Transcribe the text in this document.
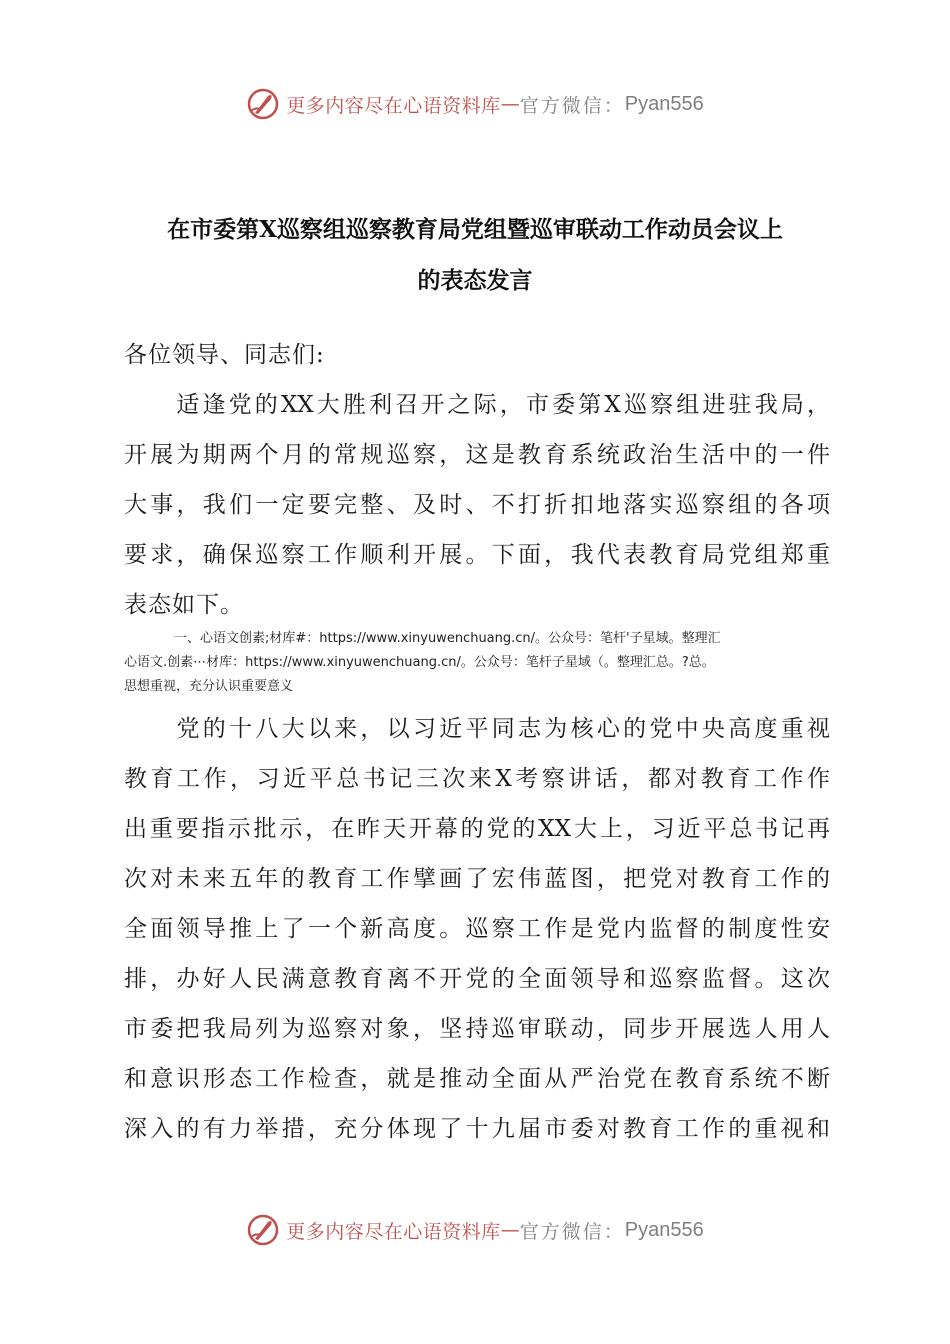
更多内容尽在心语资料库 — 官方微信： Pyan556
在市委第X巡察组巡察教育局党组暨巡审联动工作动员会议上
的表态发言
各位领导、同志们:
　　适逢党的XX大胜利召开之际，市委第X巡察组进驻我局，
开展为期两个月的常规巡察，这是教育系统政治生活中的一件
大事，我们一定要完整、及时、不打折扣地落实巡察组的各项
要求，确保巡察工作顺利开展。下面，我代表教育局党组郑重
表态如下。
一、心语文创素;材库#：https://www.xinyuwenchuang.cn/。公众号：笔杆'子星域。整理汇
心语文.创素⋯材库：https://www.xinyuwenchuang.cn/。公众号：笔杆子星域（。整理汇总。?总。
思想重视，充分认识重要意义
　　党的十八大以来，以习近平同志为核心的党中央高度重视
教育工作，习近平总书记三次来X考察讲话，都对教育工作作
出重要指示批示，在昨天开幕的党的XX大上，习近平总书记再
次对未来五年的教育工作擘画了宏伟蓝图，把党对教育工作的
全面领导推上了一个新高度。巡察工作是党内监督的制度性安
排，办好人民满意教育离不开党的全面领导和巡察监督。这次
市委把我局列为巡察对象，坚持巡审联动，同步开展选人用人
和意识形态工作检查，就是推动全面从严治党在教育系统不断
深入的有力举措，充分体现了十九届市委对教育工作的重视和
更多内容尽在心语资料库 — 官方微信： Pyan556
